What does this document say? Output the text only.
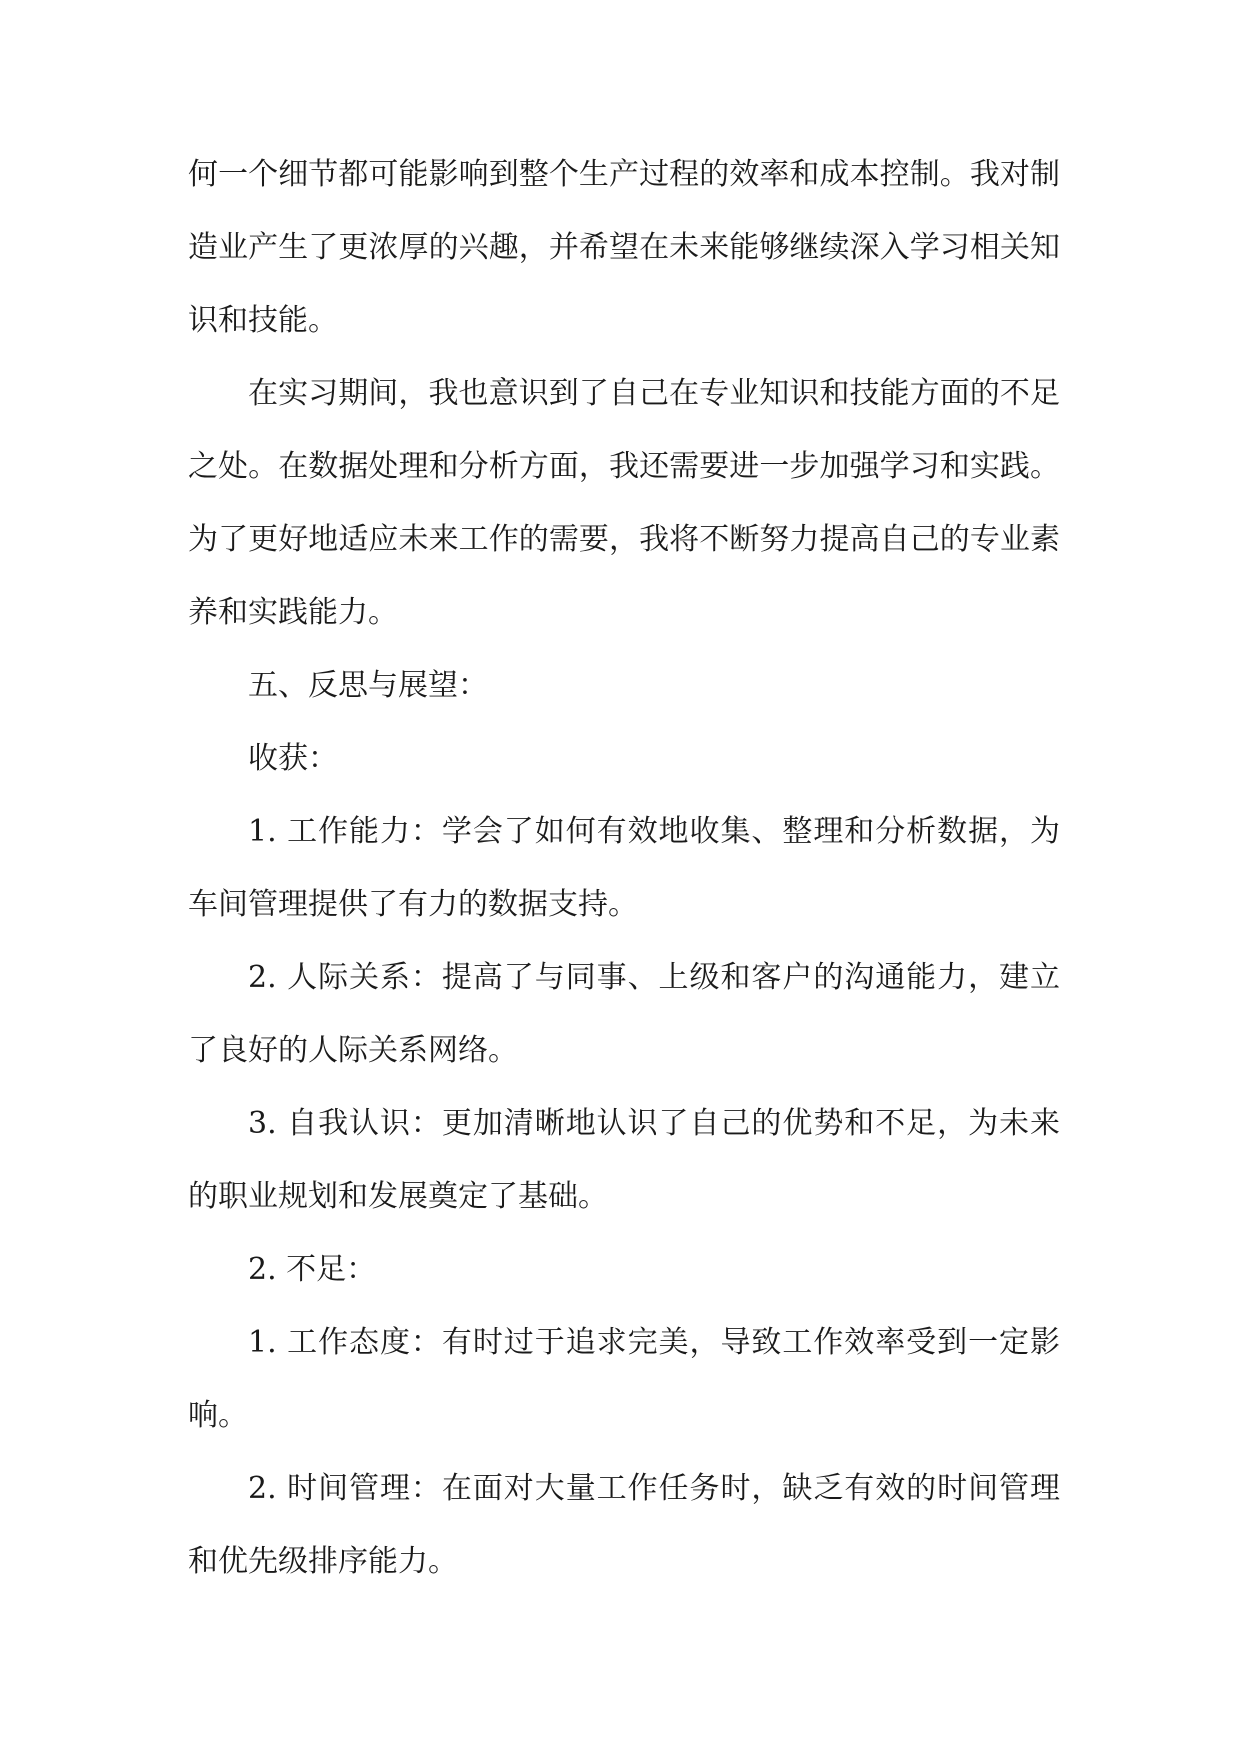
何一个细节都可能影响到整个生产过程的效率和成本控制。我对制造业产生了更浓厚的兴趣，并希望在未来能够继续深入学习相关知识和技能。

在实习期间，我也意识到了自己在专业知识和技能方面的不足之处。在数据处理和分析方面，我还需要进一步加强学习和实践。为了更好地适应未来工作的需要，我将不断努力提高自己的专业素养和实践能力。

五、反思与展望：

收获：

1. 工作能力：学会了如何有效地收集、整理和分析数据，为车间管理提供了有力的数据支持。

2. 人际关系：提高了与同事、上级和客户的沟通能力，建立了良好的人际关系网络。

3. 自我认识：更加清晰地认识了自己的优势和不足，为未来的职业规划和发展奠定了基础。

2. 不足：

1. 工作态度：有时过于追求完美，导致工作效率受到一定影响。

2. 时间管理：在面对大量工作任务时，缺乏有效的时间管理和优先级排序能力。
